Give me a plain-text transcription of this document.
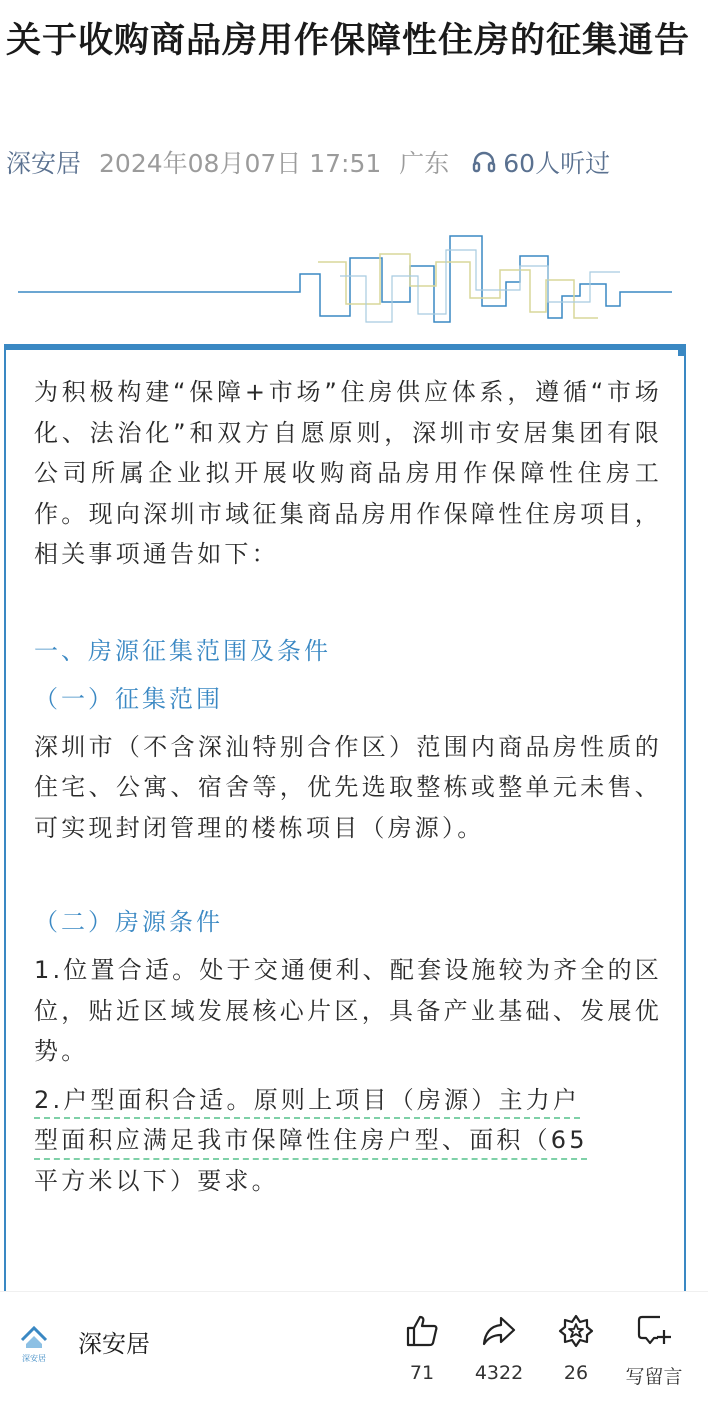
关于收购商品房用作保障性住房的征集通告
深安居 2024年08月07日 17:51 广东 60人听过

为积极构建“保障+市场”住房供应体系，遵循“市场化、法治化”和双方自愿原则，深圳市安居集团有限公司所属企业拟开展收购商品房用作保障性住房工作。现向深圳市域征集商品房用作保障性住房项目，相关事项通告如下：

一、房源征集范围及条件

（一）征集范围

深圳市（不含深汕特别合作区）范围内商品房性质的住宅、公寓、宿舍等，优先选取整栋或整单元未售、可实现封闭管理的楼栋项目（房源）。

（二）房源条件

1.位置合适。处于交通便利、配套设施较为齐全的区位，贴近区域发展核心片区，具备产业基础、发展优势。

2.户型面积合适。原则上项目（房源）主力户
型面积应满足我市保障性住房户型、面积（65
平方米以下）要求。

深安居
深安居
71	4322	26	写留言
